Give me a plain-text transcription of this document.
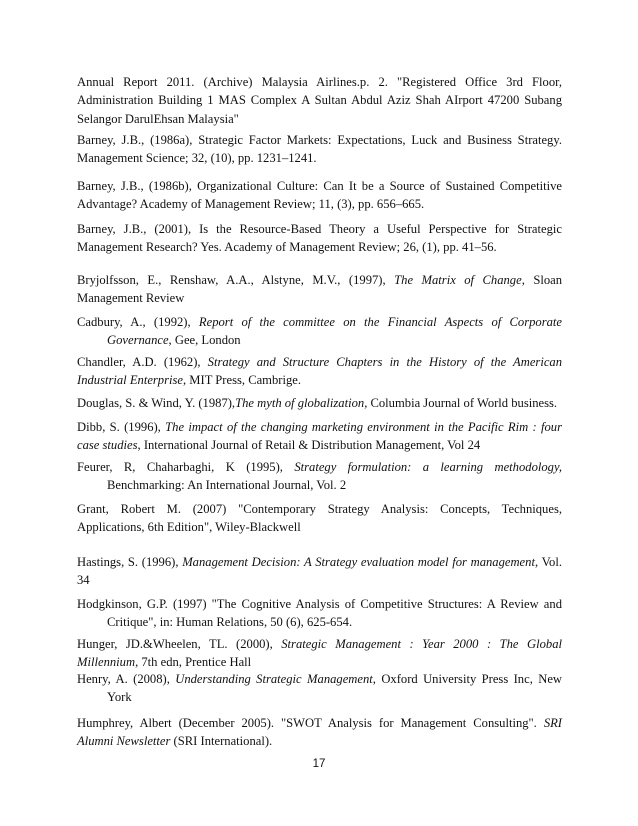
Annual Report 2011. (Archive) Malaysia Airlines.p. 2. "Registered Office 3rd Floor, Administration Building 1 MAS Complex A Sultan Abdul Aziz Shah AIrport 47200 Subang Selangor DarulEhsan Malaysia"

Barney, J.B., (1986a), Strategic Factor Markets: Expectations, Luck and Business Strategy. Management Science; 32, (10), pp. 1231–1241.

Barney, J.B., (1986b), Organizational Culture: Can It be a Source of Sustained Competitive Advantage? Academy of Management Review; 11, (3), pp. 656–665.

Barney, J.B., (2001), Is the Resource-Based Theory a Useful Perspective for Strategic Management Research? Yes. Academy of Management Review; 26, (1), pp. 41–56.

Bryjolfsson, E., Renshaw, A.A., Alstyne, M.V., (1997), The Matrix of Change, Sloan Management Review

Cadbury, A., (1992), Report of the committee on the Financial Aspects of Corporate Governance, Gee, London

Chandler, A.D. (1962), Strategy and Structure Chapters in the History of the American Industrial Enterprise, MIT Press, Cambrige.

Douglas, S. & Wind, Y. (1987),The myth of globalization, Columbia Journal of World business.

Dibb, S. (1996), The impact of the changing marketing environment in the Pacific Rim : four case studies, International Journal of Retail & Distribution Management, Vol 24

Feurer, R, Chaharbaghi, K (1995), Strategy formulation: a learning methodology, Benchmarking: An International Journal, Vol. 2

Grant, Robert M. (2007) "Contemporary Strategy Analysis: Concepts, Techniques, Applications, 6th Edition", Wiley-Blackwell

Hastings, S. (1996), Management Decision: A Strategy evaluation model for management, Vol. 34

Hodgkinson, G.P. (1997) "The Cognitive Analysis of Competitive Structures: A Review and Critique", in: Human Relations, 50 (6), 625-654.

Hunger, JD.&Wheelen, TL. (2000), Strategic Management : Year 2000 : The Global Millennium, 7th edn, Prentice Hall

Henry, A. (2008), Understanding Strategic Management, Oxford University Press Inc, New York

Humphrey, Albert (December 2005). "SWOT Analysis for Management Consulting". SRI Alumni Newsletter (SRI International).

17
